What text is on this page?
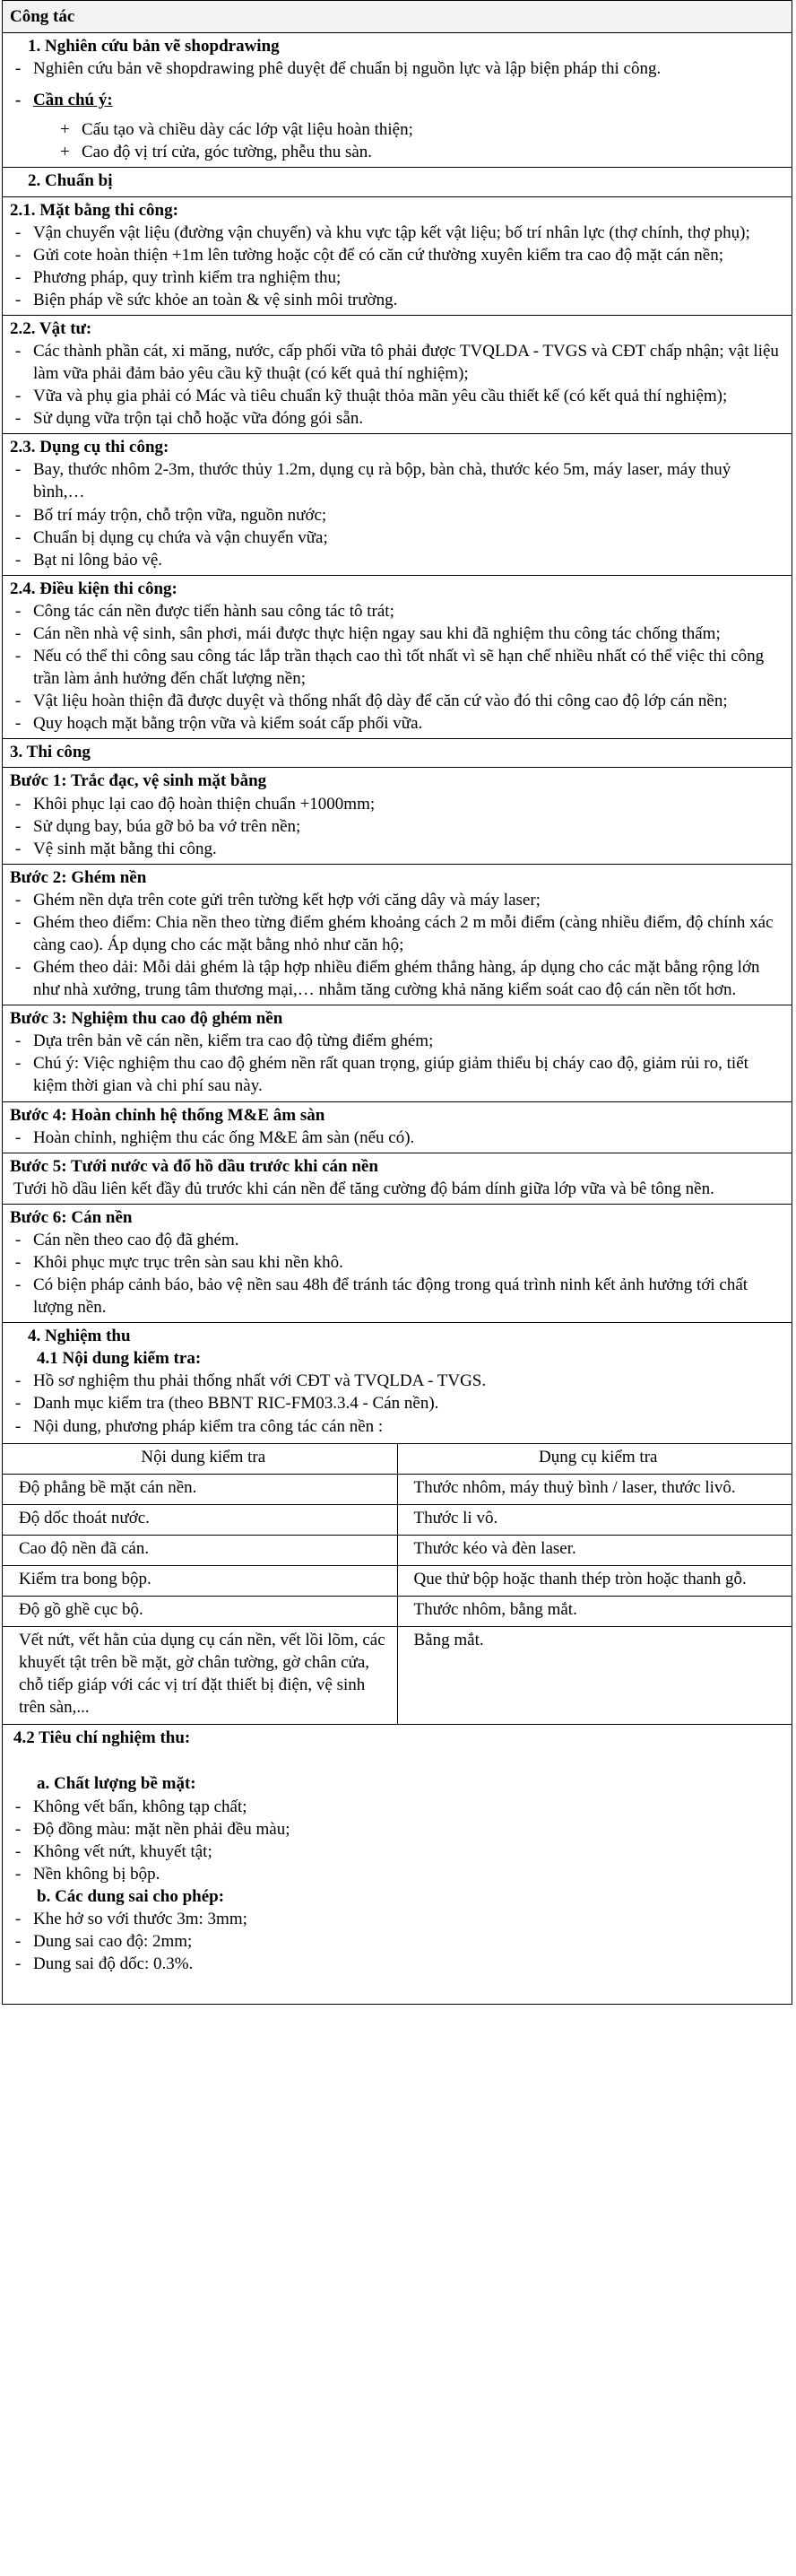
Công tác

1. Nghiên cứu bản vẽ shopdrawing

- Nghiên cứu bản vẽ shopdrawing phê duyệt để chuẩn bị nguồn lực và lập biện pháp thi công.
- Cần chú ý:
+ Cấu tạo và chiều dày các lớp vật liệu hoàn thiện;
+ Cao độ vị trí cửa, góc tường, phễu thu sàn.

2. Chuẩn bị

2.1. Mặt bằng thi công:

- Vận chuyển vật liệu (đường vận chuyển) và khu vực tập kết vật liệu; bố trí nhân lực (thợ chính, thợ phụ);
- Gửi cote hoàn thiện +1m lên tường hoặc cột để có căn cứ thường xuyên kiểm tra cao độ mặt cán nền;
- Phương pháp, quy trình kiểm tra nghiệm thu;
- Biện pháp về sức khỏe an toàn & vệ sinh môi trường.

2.2. Vật tư:

- Các thành phần cát, xi măng, nước, cấp phối vữa tô phải được TVQLDA - TVGS và CĐT chấp nhận; vật liệu làm vữa phải đảm bảo yêu cầu kỹ thuật (có kết quả thí nghiệm);
- Vữa và phụ gia phải có Mác và tiêu chuẩn kỹ thuật thỏa mãn yêu cầu thiết kế (có kết quả thí nghiệm);
- Sử dụng vữa trộn tại chỗ hoặc vữa đóng gói sẵn.

2.3. Dụng cụ thi công:

- Bay, thước nhôm 2-3m, thước thủy 1.2m, dụng cụ rà bộp, bàn chà, thước kéo 5m, máy laser, máy thuỷ bình,…
- Bố trí máy trộn, chỗ trộn vữa, nguồn nước;
- Chuẩn bị dụng cụ chứa và vận chuyển vữa;
- Bạt ni lông bảo vệ.

2.4. Điều kiện thi công:

- Công tác cán nền được tiến hành sau công tác tô trát;
- Cán nền nhà vệ sinh, sân phơi, mái được thực hiện ngay sau khi đã nghiệm thu công tác chống thấm;
- Nếu có thể thi công sau công tác lắp trần thạch cao thì tốt nhất vì sẽ hạn chế nhiều nhất có thể việc thi công trần làm ảnh hưởng đến chất lượng nền;
- Vật liệu hoàn thiện đã được duyệt và thống nhất độ dày để căn cứ vào đó thi công cao độ lớp cán nền;
- Quy hoạch mặt bằng trộn vữa và kiểm soát cấp phối vữa.

3. Thi công

Bước 1: Trắc đạc, vệ sinh mặt bằng

- Khôi phục lại cao độ hoàn thiện chuẩn +1000mm;
- Sử dụng bay, búa gỡ bỏ ba vớ trên nền;
- Vệ sinh mặt bằng thi công.

Bước 2: Ghém nền

- Ghém nền dựa trên cote gửi trên tường kết hợp với căng dây và máy laser;
- Ghém theo điểm: Chia nền theo từng điểm ghém khoảng cách 2 m mỗi điểm (càng nhiều điểm, độ chính xác càng cao). Áp dụng cho các mặt bằng nhỏ như căn hộ;
- Ghém theo dải: Mỗi dải ghém là tập hợp nhiều điểm ghém thẳng hàng, áp dụng cho các mặt bằng rộng lớn như nhà xưởng, trung tâm thương mại,… nhằm tăng cường khả năng kiểm soát cao độ cán nền tốt hơn.

Bước 3: Nghiệm thu cao độ ghém nền

- Dựa trên bản vẽ cán nền, kiểm tra cao độ từng điểm ghém;
- Chú ý: Việc nghiệm thu cao độ ghém nền rất quan trọng, giúp giảm thiểu bị cháy cao độ, giảm rủi ro, tiết kiệm thời gian và chi phí sau này.

Bước 4: Hoàn chỉnh hệ thống M&E âm sàn

- Hoàn chỉnh, nghiệm thu các ống M&E âm sàn (nếu có).

Bước 5: Tưới nước và đổ hồ dầu trước khi cán nền

Tưới hồ dầu liên kết đầy đủ trước khi cán nền để tăng cường độ bám dính giữa lớp vữa và bê tông nền.

Bước 6: Cán nền

- Cán nền theo cao độ đã ghém.
- Khôi phục mực trục trên sàn sau khi nền khô.
- Có biện pháp cảnh báo, bảo vệ nền sau 48h để tránh tác động trong quá trình ninh kết ảnh hưởng tới chất lượng nền.

4. Nghiệm thu

4.1 Nội dung kiểm tra:

- Hồ sơ nghiệm thu phải thống nhất với CĐT và TVQLDA - TVGS.
- Danh mục kiểm tra (theo BBNT RIC-FM03.3.4 - Cán nền).
- Nội dung, phương pháp kiểm tra công tác cán nền :
Nội dung kiểm tra	Dụng cụ kiểm tra
Độ phẳng bề mặt cán nền.	Thước nhôm, máy thuỷ bình / laser, thước livô.
Độ dốc thoát nước.	Thước li vô.
Cao độ nền đã cán.	Thước kéo và đèn laser.
Kiểm tra bong bộp.	Que thử bộp hoặc thanh thép tròn hoặc thanh gỗ.
Độ gồ ghề cục bộ.	Thước nhôm, bằng mắt.
Vết nứt, vết hằn của dụng cụ cán nền, vết lồi lõm, các khuyết tật trên bề mặt, gờ chân tường, gờ chân cửa, chỗ tiếp giáp với các vị trí đặt thiết bị điện, vệ sinh trên sàn,...	Bằng mắt.

4.2 Tiêu chí nghiệm thu:

a. Chất lượng bề mặt:

- Không vết bẩn, không tạp chất;
- Độ đồng màu: mặt nền phải đều màu;
- Không vết nứt, khuyết tật;
- Nền không bị bộp.

b. Các dung sai cho phép:

- Khe hở so với thước 3m: 3mm;
- Dung sai cao độ: 2mm;
- Dung sai độ dốc: 0.3%.
